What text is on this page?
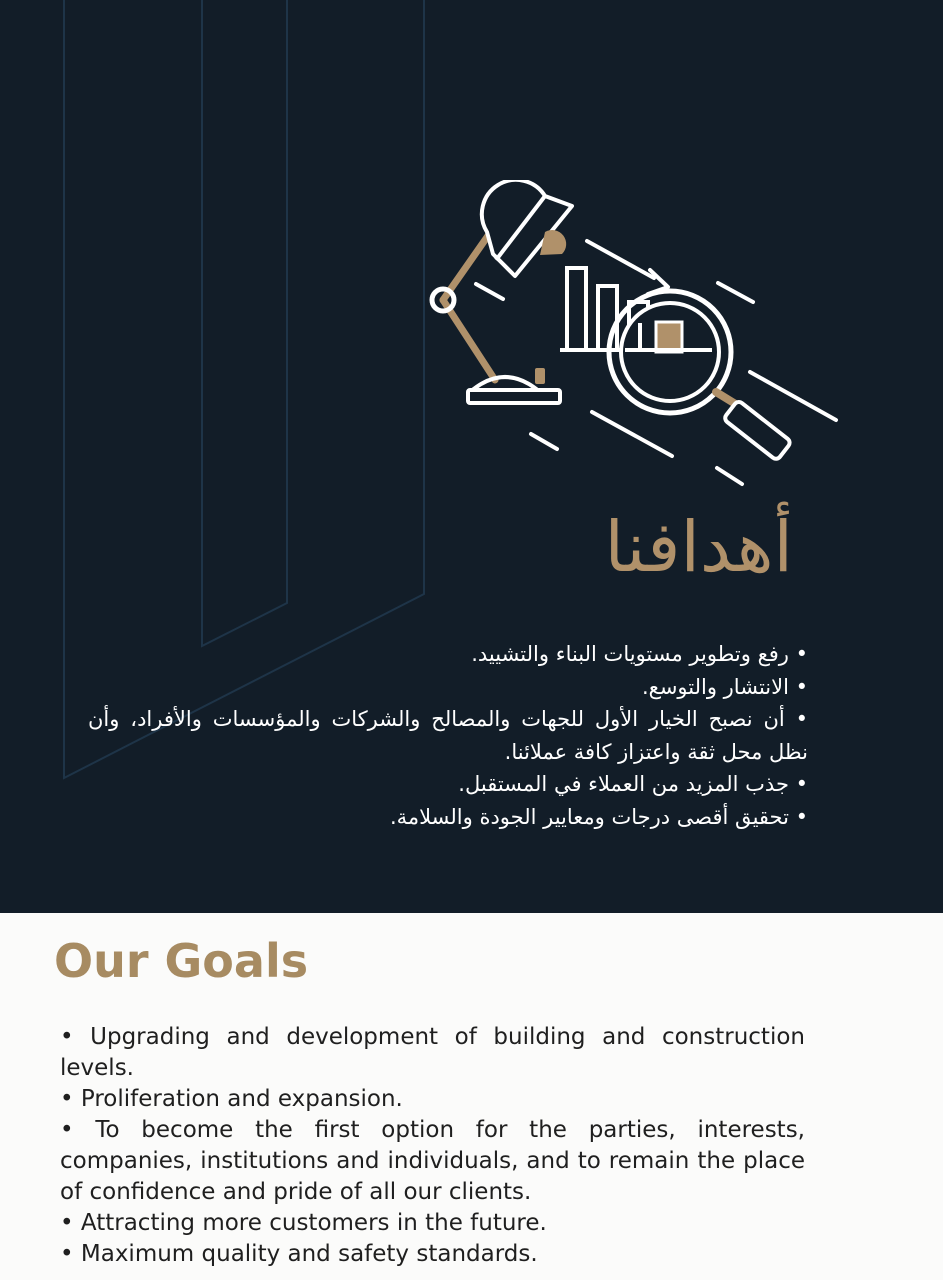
أهدافنا

• رفع وتطوير مستويات البناء والتشييد.

• الانتشار والتوسع.

• أن نصبح الخيار الأول للجهات والمصالح والشركات والمؤسسات والأفراد، وأن نظل محل ثقة واعتزاز كافة عملائنا.

• جذب المزيد من العملاء في المستقبل.

• تحقيق أقصى درجات ومعايير الجودة والسلامة.

Our Goals

• Upgrading and development of building and construction levels.

• Proliferation and expansion.

• To become the first option for the parties, interests, companies, institutions and individuals, and to remain the place of confidence and pride of all our clients.

• Attracting more customers in the future.

• Maximum quality and safety standards.
